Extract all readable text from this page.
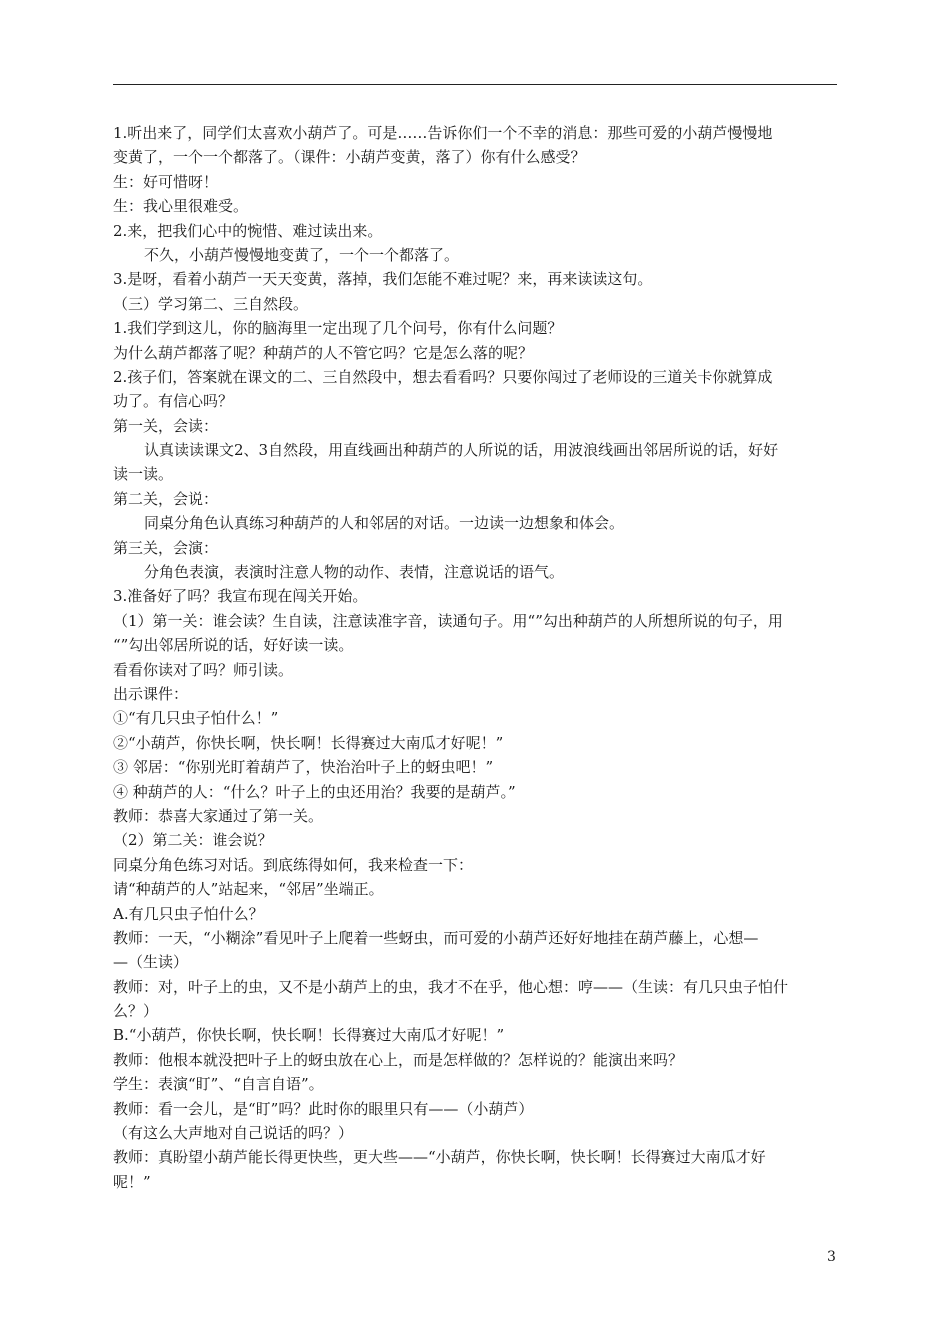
1.听出来了，同学们太喜欢小葫芦了。可是……告诉你们一个不幸的消息：那些可爱的小葫芦慢慢地
变黄了，一个一个都落了。（课件：小葫芦变黄，落了）你有什么感受？
生：好可惜呀！
生：我心里很难受。
2.来，把我们心中的惋惜、难过读出来。
不久，小葫芦慢慢地变黄了，一个一个都落了。
3.是呀，看着小葫芦一天天变黄，落掉，我们怎能不难过呢？来，再来读读这句。
（三）学习第二、三自然段。
1.我们学到这儿，你的脑海里一定出现了几个问号，你有什么问题？
为什么葫芦都落了呢？种葫芦的人不管它吗？它是怎么落的呢？
2.孩子们，答案就在课文的二、三自然段中，想去看看吗？只要你闯过了老师设的三道关卡你就算成
功了。有信心吗？
第一关，会读：
认真读读课文2、3自然段，用直线画出种葫芦的人所说的话，用波浪线画出邻居所说的话，好好
读一读。
第二关，会说：
同桌分角色认真练习种葫芦的人和邻居的对话。一边读一边想象和体会。
第三关，会演：
分角色表演，表演时注意人物的动作、表情，注意说话的语气。
3.准备好了吗？我宣布现在闯关开始。
（1）第一关：谁会读？生自读，注意读准字音，读通句子。用“”勾出种葫芦的人所想所说的句子，用
“”勾出邻居所说的话，好好读一读。
看看你读对了吗？师引读。
出示课件：
①“有几只虫子怕什么！”
②“小葫芦，你快长啊，快长啊！长得赛过大南瓜才好呢！”
③ 邻居：“你别光盯着葫芦了，快治治叶子上的蚜虫吧！”
④ 种葫芦的人：“什么？叶子上的虫还用治？我要的是葫芦。”
教师：恭喜大家通过了第一关。
（2）第二关：谁会说？
同桌分角色练习对话。到底练得如何，我来检查一下：
请“种葫芦的人”站起来，“邻居”坐端正。
A.有几只虫子怕什么？
教师：一天，“小糊涂”看见叶子上爬着一些蚜虫，而可爱的小葫芦还好好地挂在葫芦藤上，心想—
—（生读）
教师：对，叶子上的虫，又不是小葫芦上的虫，我才不在乎，他心想：哼——（生读：有几只虫子怕什
么？）
B.“小葫芦，你快长啊，快长啊！长得赛过大南瓜才好呢！”
教师：他根本就没把叶子上的蚜虫放在心上，而是怎样做的？怎样说的？能演出来吗？
学生：表演“盯”、“自言自语”。
教师：看一会儿，是“盯”吗？此时你的眼里只有——（小葫芦）
（有这么大声地对自己说话的吗？）
教师：真盼望小葫芦能长得更快些，更大些——“小葫芦，你快长啊，快长啊！长得赛过大南瓜才好
呢！”
3
